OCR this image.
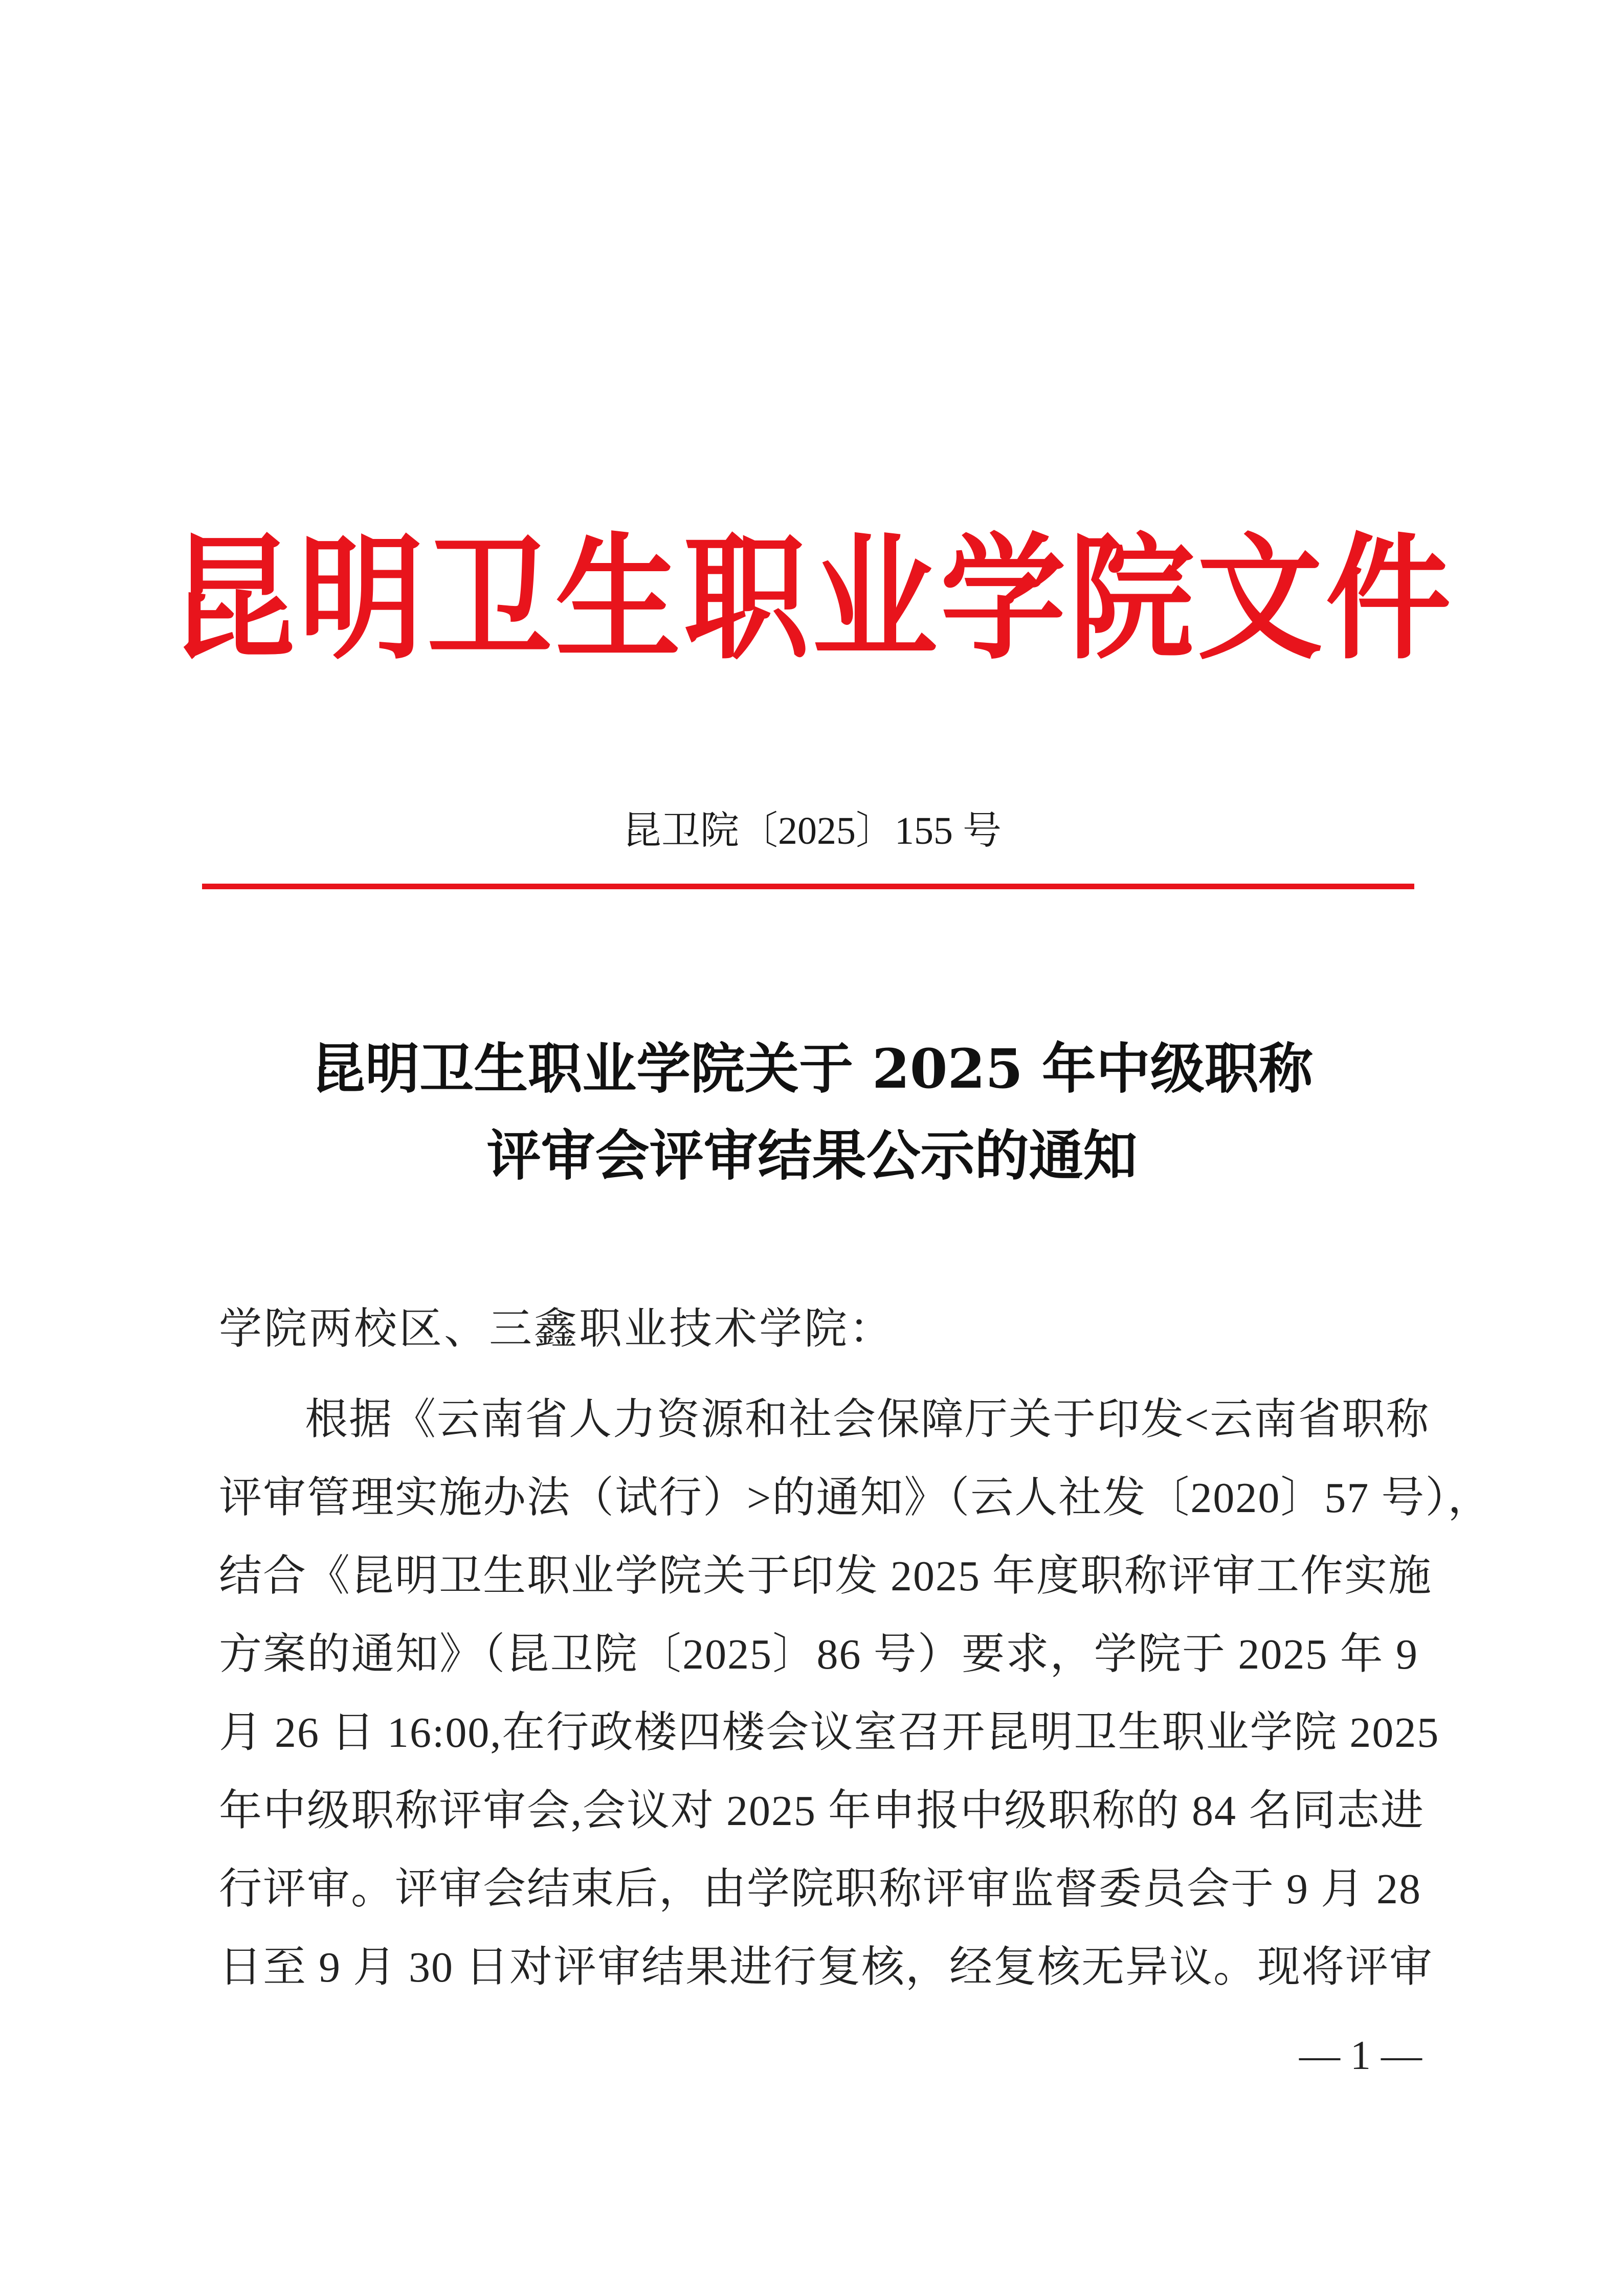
昆明卫生职业学院文件
昆卫院〔2025〕155 号
昆明卫生职业学院关于 2025 年中级职称
评审会评审结果公示的通知
学院两校区、三鑫职业技术学院：
根据《云南省人力资源和社会保障厅关于印发<云南省职称
评审管理实施办法（试行）>的通知》（云人社发〔2020〕57 号），
结合《昆明卫生职业学院关于印发 2025 年度职称评审工作实施
方案的通知》（昆卫院〔2025〕86 号）要求，学院于 2025 年 9
月 26 日 16:00,在行政楼四楼会议室召开昆明卫生职业学院 2025
年中级职称评审会,会议对 2025 年申报中级职称的 84 名同志进
行评审。评审会结束后，由学院职称评审监督委员会于 9 月 28
日至 9 月 30 日对评审结果进行复核，经复核无异议。现将评审
— 1 —
